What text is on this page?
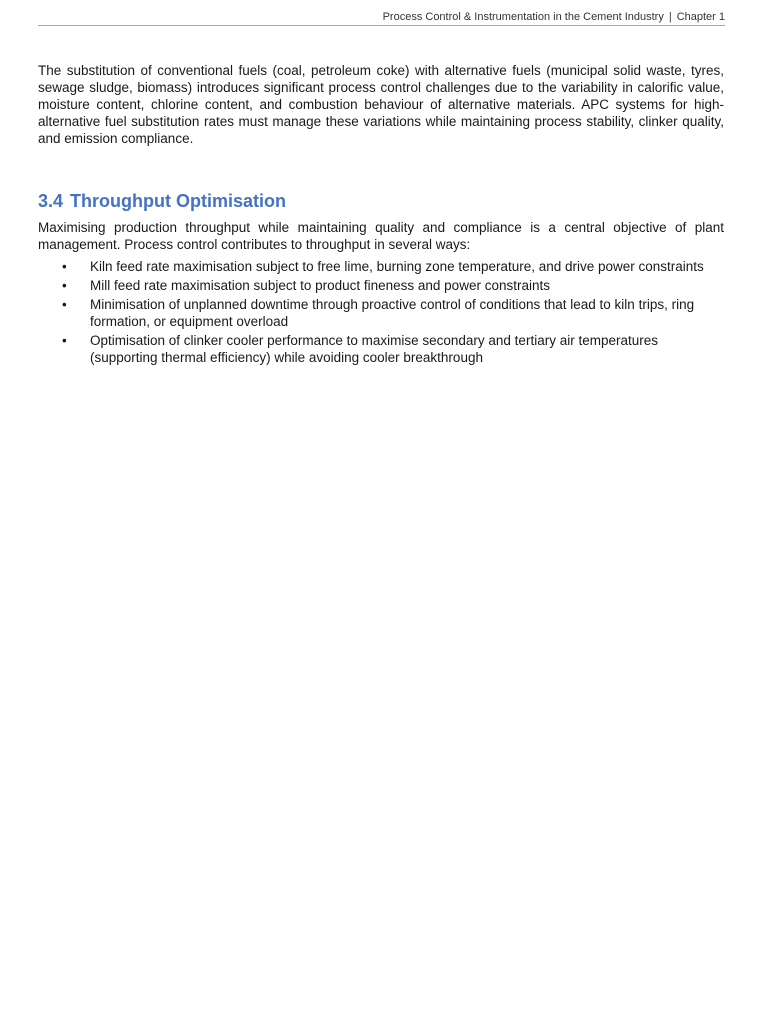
Process Control & Instrumentation in the Cement Industry | Chapter 1

The substitution of conventional fuels (coal, petroleum coke) with alternative fuels (municipal solid waste, tyres, sewage sludge, biomass) introduces significant process control challenges due to the variability in calorific value, moisture content, chlorine content, and combustion behaviour of alternative materials. APC systems for high-alternative fuel substitution rates must manage these variations while maintaining process stability, clinker quality, and emission compliance.

3.4 Throughput Optimisation

Maximising production throughput while maintaining quality and compliance is a central objective of plant management. Process control contributes to throughput in several ways:

• Kiln feed rate maximisation subject to free lime, burning zone temperature, and drive power constraints
• Mill feed rate maximisation subject to product fineness and power constraints
• Minimisation of unplanned downtime through proactive control of conditions that lead to kiln trips, ring formation, or equipment overload
• Optimisation of clinker cooler performance to maximise secondary and tertiary air temperatures (supporting thermal efficiency) while avoiding cooler breakthrough
